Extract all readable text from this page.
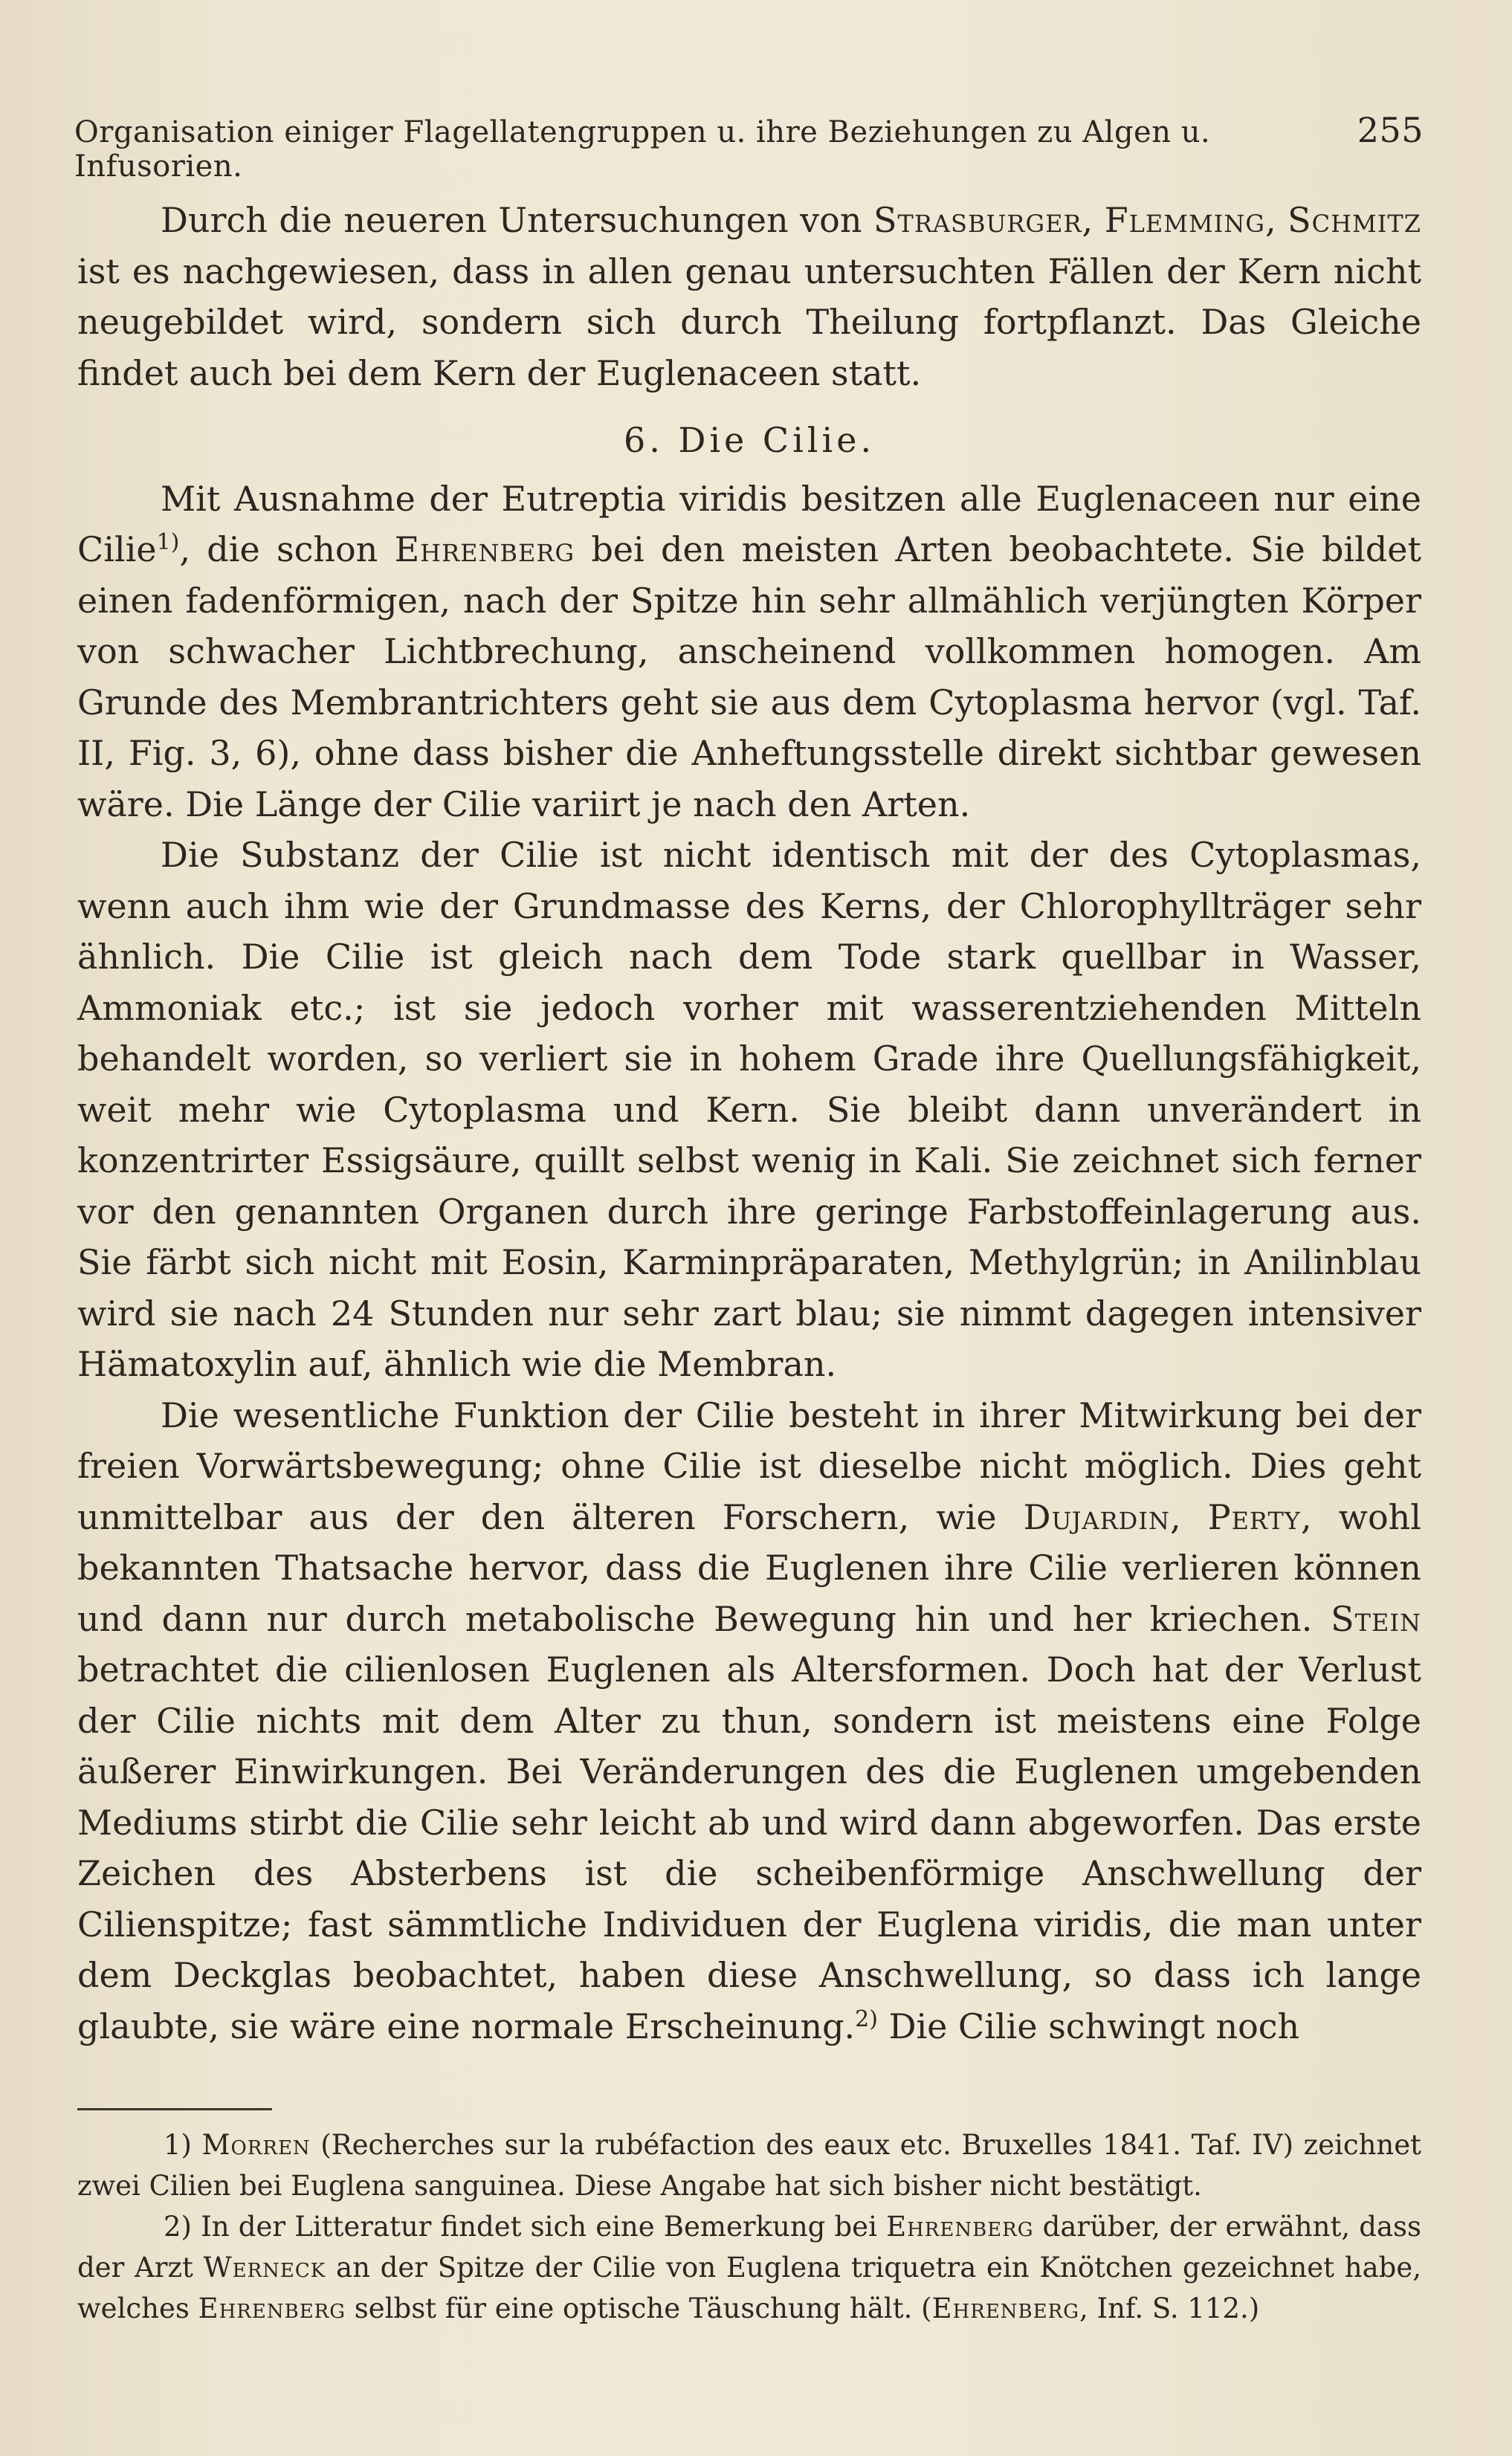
Organisation einiger Flagellatengruppen u. ihre Beziehungen zu Algen u. Infusorien.
255

Durch die neueren Untersuchungen von Strasburger, Flemming, Schmitz ist es nachgewiesen, dass in allen genau untersuchten Fällen der Kern nicht neugebildet wird, sondern sich durch Theilung fortpflanzt. Das Gleiche findet auch bei dem Kern der Euglenaceen statt.

6. Die Cilie.

Mit Ausnahme der Eutreptia viridis besitzen alle Euglenaceen nur eine Cilie$^{1)}$, die schon Ehrenberg bei den meisten Arten beobachtete. Sie bildet einen fadenförmigen, nach der Spitze hin sehr allmählich verjüngten Körper von schwacher Lichtbrechung, anscheinend vollkommen homogen. Am Grunde des Membrantrichters geht sie aus dem Cytoplasma hervor (vgl. Taf. II, Fig. 3, 6), ohne dass bisher die Anheftungsstelle direkt sichtbar gewesen wäre. Die Länge der Cilie variirt je nach den Arten.

Die Substanz der Cilie ist nicht identisch mit der des Cytoplasmas, wenn auch ihm wie der Grundmasse des Kerns, der Chlorophyllträger sehr ähnlich. Die Cilie ist gleich nach dem Tode stark quellbar in Wasser, Ammoniak etc.; ist sie jedoch vorher mit wasserentziehenden Mitteln behandelt worden, so verliert sie in hohem Grade ihre Quellungsfähigkeit, weit mehr wie Cytoplasma und Kern. Sie bleibt dann unverändert in konzentrirter Essigsäure, quillt selbst wenig in Kali. Sie zeichnet sich ferner vor den genannten Organen durch ihre geringe Farbstoffeinlagerung aus. Sie färbt sich nicht mit Eosin, Karminpräparaten, Methylgrün; in Anilinblau wird sie nach 24 Stunden nur sehr zart blau; sie nimmt dagegen intensiver Hämatoxylin auf, ähnlich wie die Membran.

Die wesentliche Funktion der Cilie besteht in ihrer Mitwirkung bei der freien Vorwärtsbewegung; ohne Cilie ist dieselbe nicht möglich. Dies geht unmittelbar aus der den älteren Forschern, wie Dujardin, Perty, wohl bekannten Thatsache hervor, dass die Euglenen ihre Cilie verlieren können und dann nur durch metabolische Bewegung hin und her kriechen. Stein betrachtet die cilienlosen Euglenen als Altersformen. Doch hat der Verlust der Cilie nichts mit dem Alter zu thun, sondern ist meistens eine Folge äußerer Einwirkungen. Bei Veränderungen des die Euglenen umgebenden Mediums stirbt die Cilie sehr leicht ab und wird dann abgeworfen. Das erste Zeichen des Absterbens ist die scheibenförmige Anschwellung der Cilienspitze; fast sämmtliche Individuen der Euglena viridis, die man unter dem Deckglas beobachtet, haben diese Anschwellung, so dass ich lange glaubte, sie wäre eine normale Erscheinung.$^{2)}$ Die Cilie schwingt noch

1) Morren (Recherches sur la rubéfaction des eaux etc. Bruxelles 1841. Taf. IV) zeichnet zwei Cilien bei Euglena sanguinea. Diese Angabe hat sich bisher nicht bestätigt.

2) In der Litteratur findet sich eine Bemerkung bei Ehrenberg darüber, der erwähnt, dass der Arzt Werneck an der Spitze der Cilie von Euglena triquetra ein Knötchen gezeichnet habe, welches Ehrenberg selbst für eine optische Täuschung hält. (Ehrenberg, Inf. S. 112.)
